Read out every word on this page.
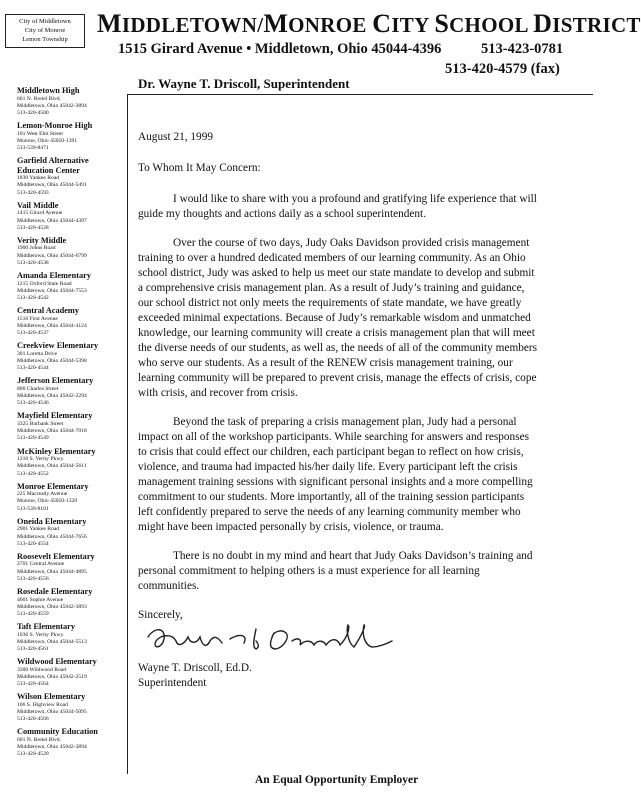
City of Middletown
City of Monroe
Lemon Township
MIDDLETOWN/MONROE CITY SCHOOL DISTRICT
1515 Girard Avenue • Middletown, Ohio 45044-4396	513-423-0781
513-420-4579 (fax)
Dr. Wayne T. Driscoll, Superintendent
Middletown High
601 N. Breiel Blvd.
Middletown, Ohio 45042-3894
513-420-4500
Lemon-Monroe High
101 West Elm Street
Monroe, Ohio 45050-1391
513-539-8471
Garfield Alternative Education Center
1830 Yankee Road
Middletown, Ohio 45044-5491
513-420-4593
Vail Middle
1415 Girard Avenue
Middletown, Ohio 45044-4397
513-420-4528
Verity Middle
1900 Johns Road
Middletown, Ohio 45044-6799
513-420-4538
Amanda Elementary
1215 Oxford State Road
Middletown, Ohio 45044-7553
513-420-4542
Central Academy
1516 First Avenue
Middletown, Ohio 45044-4124
513-420-4537
Creekview Elementary
301 Loretta Drive
Middletown, Ohio 45044-5398
513-420-4544
Jefferson Elementary
800 Charles Street
Middletown, Ohio 45042-2294
513-420-4546
Mayfield Elementary
3325 Burbank Street
Middletown, Ohio 45044-7018
513-420-4549
McKinley Elementary
1210 S. Verity Pkwy.
Middletown, Ohio 45044-5611
513-420-4552
Monroe Elementary
225 Macready Avenue
Monroe, Ohio 45050-1320
513-539-8101
Oneida Elementary
2901 Yankee Road
Middletown, Ohio 45044-7656
513-420-4554
Roosevelt Elementary
2701 Central Avenue
Middletown, Ohio 45044-4895
513-420-4556
Rosedale Elementary
4601 Sophie Avenue
Middletown, Ohio 45042-3893
513-420-4559
Taft Elementary
1036 S. Verity Pkwy.
Middletown, Ohio 45044-5513
513-420-4561
Wildwood Elementary
3300 Wildwood Road
Middletown, Ohio 45042-2519
513-420-4564
Wilson Elementary
106 S. Highview Road
Middletown, Ohio 45044-5095
513-420-4566
Community Education
601 N. Breiel Blvd.
Middletown, Ohio 45042-3894
513-420-4520

August 21, 1999

To Whom It May Concern:

I would like to share with you a profound and gratifying life experience that will guide my thoughts and actions daily as a school superintendent.

Over the course of two days, Judy Oaks Davidson provided crisis management training to over a hundred dedicated members of our learning community. As an Ohio school district, Judy was asked to help us meet our state mandate to develop and submit a comprehensive crisis management plan. As a result of Judy’s training and guidance, our school district not only meets the requirements of state mandate, we have greatly exceeded minimal expectations. Because of Judy’s remarkable wisdom and unmatched knowledge, our learning community will create a crisis management plan that will meet the diverse needs of our students, as well as, the needs of all of the community members who serve our students. As a result of the RENEW crisis management training, our learning community will be prepared to prevent crisis, manage the effects of crisis, cope with crisis, and recover from crisis.

Beyond the task of preparing a crisis management plan, Judy had a personal impact on all of the workshop participants. While searching for answers and responses to crisis that could effect our children, each participant began to reflect on how crisis, violence, and trauma had impacted his/her daily life. Every participant left the crisis management training sessions with significant personal insights and a more compelling commitment to our students. More importantly, all of the training session participants left confidently prepared to serve the needs of any learning community member who might have been impacted personally by crisis, violence, or trauma.

There is no doubt in my mind and heart that Judy Oaks Davidson’s training and personal commitment to helping others is a must experience for all learning communities.

Sincerely,

Wayne T. Driscoll, Ed.D.

Superintendent

An Equal Opportunity Employer
